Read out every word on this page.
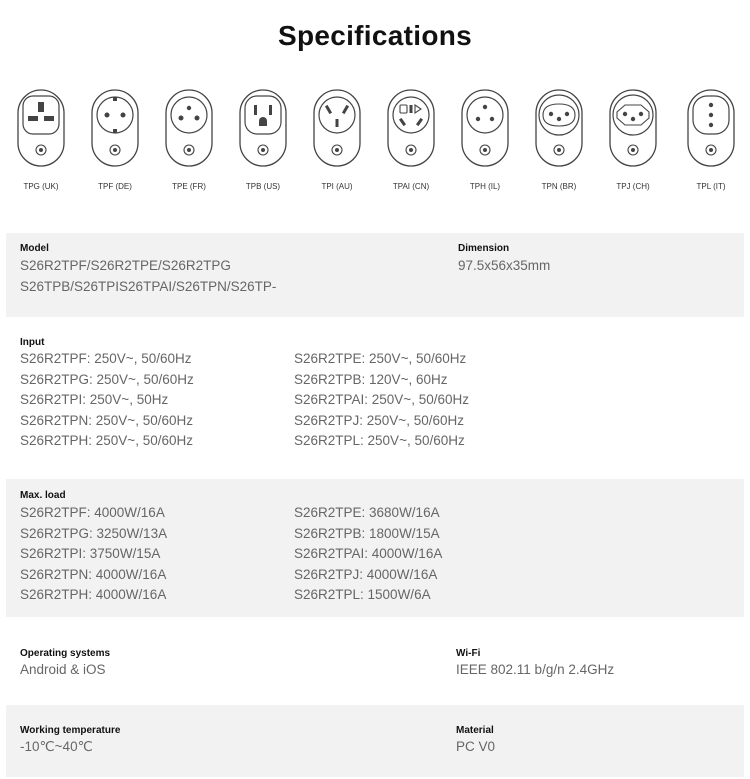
Specifications
TPG (UK)	TPF (DE)	TPE (FR)	TPB (US)	TPI (AU)	TPAI (CN)	TPH (IL)	TPN (BR)	TPJ (CH)	TPL (IT)
Model
S26R2TPF/S26R2TPE/S26R2TPG
S26TPB/S26TPIS26TPAI/S26TPN/S26TP-
Dimension
97.5x56x35mm
Input
S26R2TPF: 250V~, 50/60Hz
S26R2TPG: 250V~, 50/60Hz
S26R2TPI: 250V~, 50Hz
S26R2TPN: 250V~, 50/60Hz
S26R2TPH: 250V~, 50/60Hz
S26R2TPE: 250V~, 50/60Hz
S26R2TPB: 120V~, 60Hz
S26R2TPAI: 250V~, 50/60Hz
S26R2TPJ: 250V~, 50/60Hz
S26R2TPL: 250V~, 50/60Hz
Max. load
S26R2TPF: 4000W/16A
S26R2TPG: 3250W/13A
S26R2TPI: 3750W/15A
S26R2TPN: 4000W/16A
S26R2TPH: 4000W/16A
S26R2TPE: 3680W/16A
S26R2TPB: 1800W/15A
S26R2TPAI: 4000W/16A
S26R2TPJ: 4000W/16A
S26R2TPL: 1500W/6A
Operating systems
Android & iOS
Wi-Fi
IEEE 802.11 b/g/n 2.4GHz
Working temperature
-10℃~40℃
Material
PC V0
